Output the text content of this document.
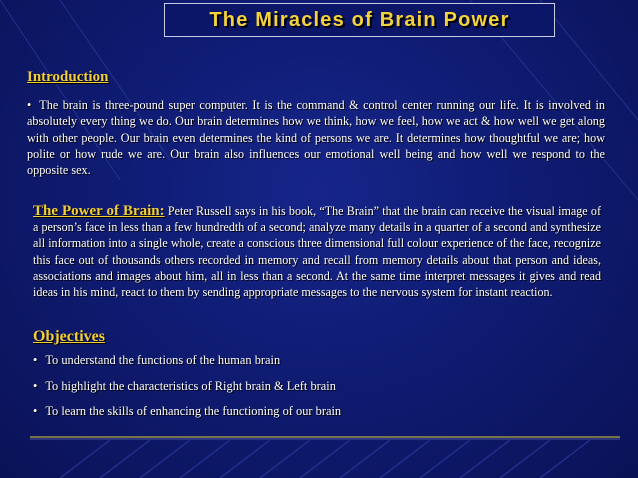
The Miracles of Brain Power
Introduction
• The brain is three-pound super computer. It is the command & control center running our life. It is involved in absolutely every thing we do. Our brain determines how we think, how we feel, how we act & how well we get along with other people. Our brain even determines the kind of persons we are. It determines how thoughtful we are; how polite or how rude we are. Our brain also influences our emotional well being and how well we respond to the opposite sex.
The Power of Brain: Peter Russell says in his book, “The Brain” that the brain can receive the visual image of a person’s face in less than a few hundredth of a second; analyze many details in a quarter of a second and synthesize all information into a single whole, create a conscious three dimensional full colour experience of the face, recognize this face out of thousands others recorded in memory and recall from memory details about that person and ideas, associations and images about him, all in less than a second. At the same time interpret messages it gives and read ideas in his mind, react to them by sending appropriate messages to the nervous system for instant reaction.
Objectives
• To understand the functions of the human brain
• To highlight the characteristics of Right brain & Left brain
• To learn the skills of enhancing the functioning of our brain
